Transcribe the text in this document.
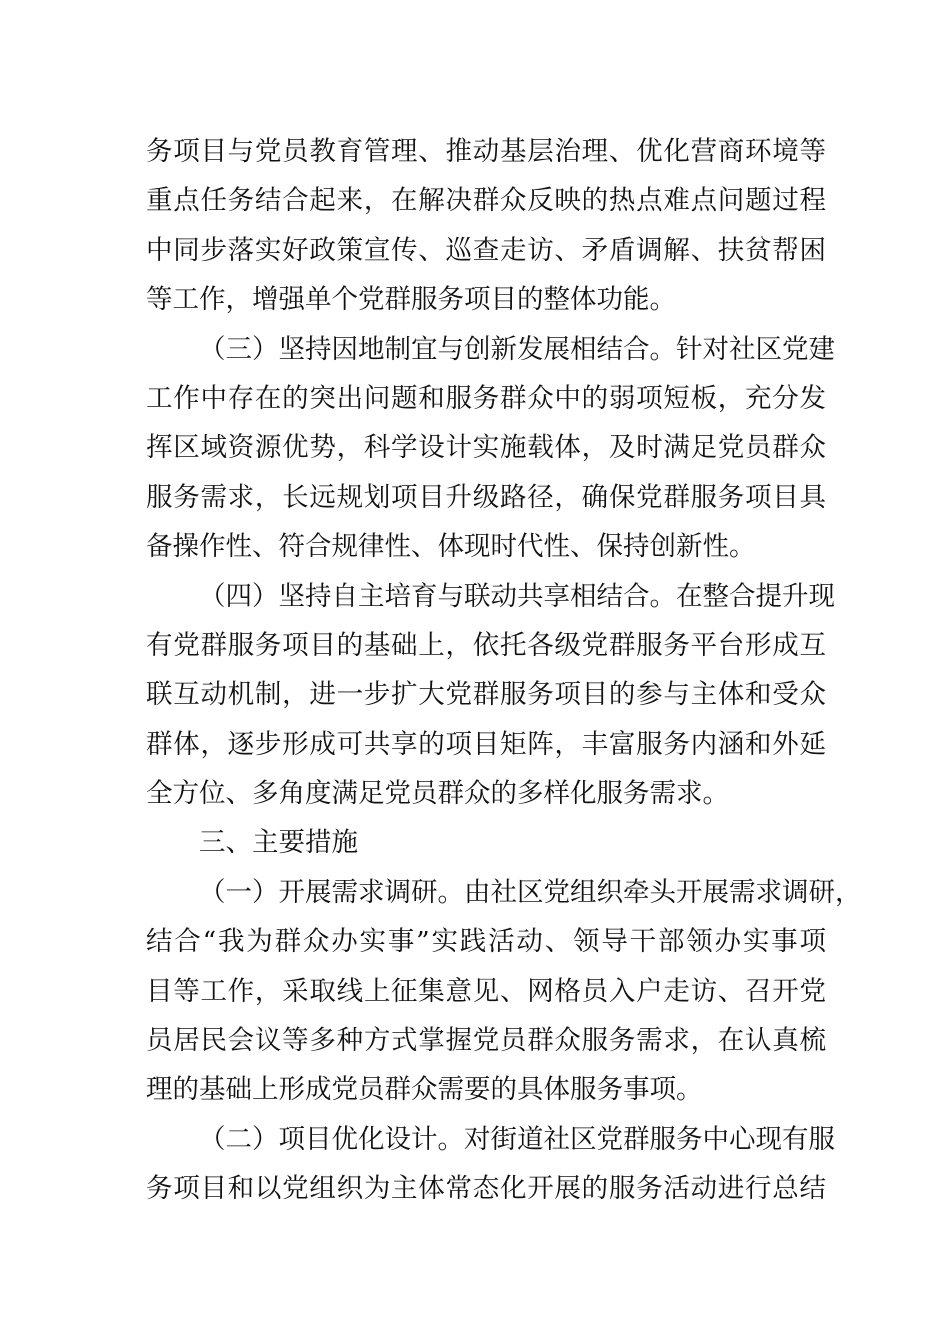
务项目与党员教育管理、推动基层治理、优化营商环境等
重点任务结合起来，在解决群众反映的热点难点问题过程
中同步落实好政策宣传、巡查走访、矛盾调解、扶贫帮困
等工作，增强单个党群服务项目的整体功能。
（三）坚持因地制宜与创新发展相结合。针对社区党建
工作中存在的突出问题和服务群众中的弱项短板，充分发
挥区域资源优势，科学设计实施载体，及时满足党员群众
服务需求，长远规划项目升级路径，确保党群服务项目具
备操作性、符合规律性、体现时代性、保持创新性。
（四）坚持自主培育与联动共享相结合。在整合提升现
有党群服务项目的基础上，依托各级党群服务平台形成互
联互动机制，进一步扩大党群服务项目的参与主体和受众
群体，逐步形成可共享的项目矩阵，丰富服务内涵和外延
全方位、多角度满足党员群众的多样化服务需求。
三、主要措施
（一）开展需求调研。由社区党组织牵头开展需求调研，
结合“我为群众办实事”实践活动、领导干部领办实事项
目等工作，采取线上征集意见、网格员入户走访、召开党
员居民会议等多种方式掌握党员群众服务需求，在认真梳
理的基础上形成党员群众需要的具体服务事项。
（二）项目优化设计。对街道社区党群服务中心现有服
务项目和以党组织为主体常态化开展的服务活动进行总结
